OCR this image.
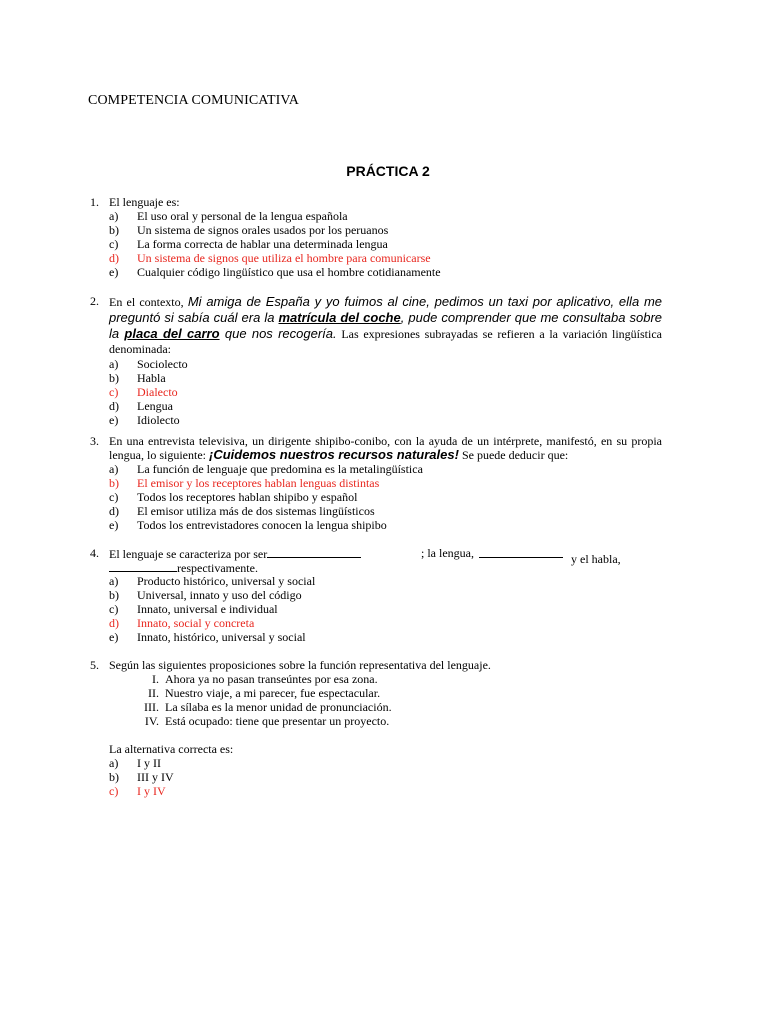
COMPETENCIA COMUNICATIVA
PRÁCTICA 2
1. El lenguaje es:
a) El uso oral y personal de la lengua española
b) Un sistema de signos orales usados por los peruanos
c) La forma correcta de hablar una determinada lengua
d) Un sistema de signos que utiliza el hombre para comunicarse
e) Cualquier código lingüístico que usa el hombre cotidianamente
2. En el contexto, Mi amiga de España y yo fuimos al cine, pedimos un taxi por aplicativo, ella me preguntó si sabía cuál era la matrícula del coche, pude comprender que me consultaba sobre la placa del carro que nos recogería. Las expresiones subrayadas se refieren a la variación lingüística denominada:
a) Sociolecto
b) Habla
c) Dialecto
d) Lengua
e) Idiolecto
3. En una entrevista televisiva, un dirigente shipibo-conibo, con la ayuda de un intérprete, manifestó, en su propia lengua, lo siguiente: ¡Cuidemos nuestros recursos naturales! Se puede deducir que:
a) La función de lenguaje que predomina es la metalingüística
b) El emisor y los receptores hablan lenguas distintas
c) Todos los receptores hablan shipibo y español
d) El emisor utiliza más de dos sistemas lingüísticos
e) Todos los entrevistadores conocen la lengua shipibo
4. El lenguaje se caracteriza por ser	; la lengua,	y el habla,
respectivamente.
a) Producto histórico, universal y social
b) Universal, innato y uso del código
c) Innato, universal e individual
d) Innato, social y concreta
e) Innato, histórico, universal y social
5. Según las siguientes proposiciones sobre la función representativa del lenguaje.
I. Ahora ya no pasan transeúntes por esa zona.
II. Nuestro viaje, a mi parecer, fue espectacular.
III. La sílaba es la menor unidad de pronunciación.
IV. Está ocupado: tiene que presentar un proyecto.
La alternativa correcta es:
a) I y II
b) III y IV
c) I y IV
